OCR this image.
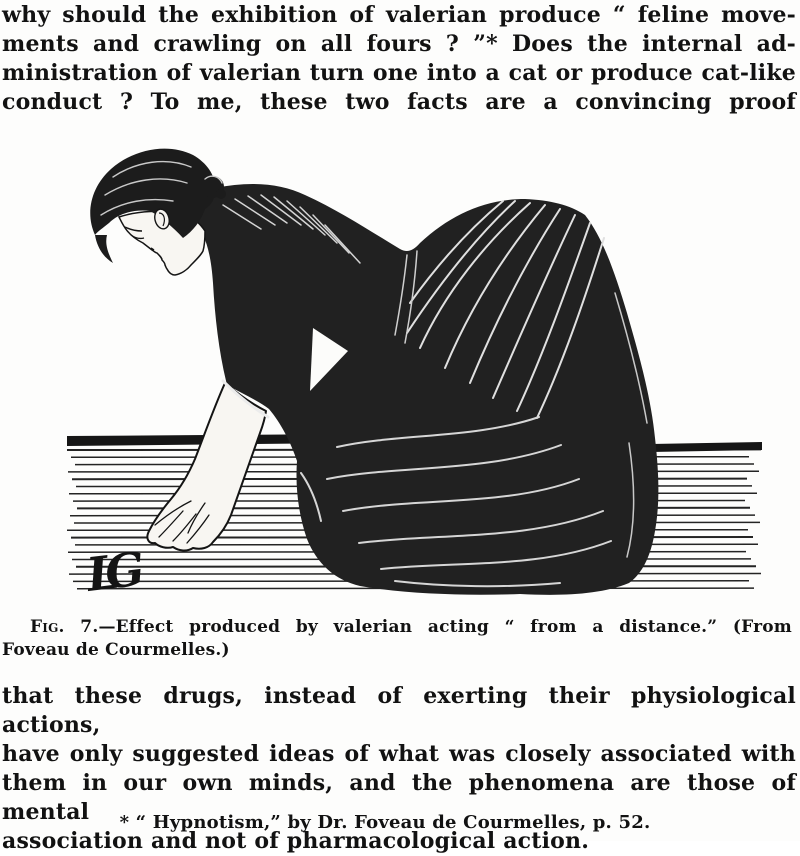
why should the exhibition of valerian produce “ feline move-
ments and crawling on all fours ? ”* Does the internal ad-
ministration of valerian turn one into a cat or produce cat-like
conduct ? To me, these two facts are a convincing proof
LG
Fig. 7.—Effect produced by valerian acting “ from a distance.” (From
Foveau de Courmelles.)
that these drugs, instead of exerting their physiological actions,
have only suggested ideas of what was closely associated with
them in our own minds, and the phenomena are those of mental
association and not of pharmacological action.
* “ Hypnotism,” by Dr. Foveau de Courmelles, p. 52.
